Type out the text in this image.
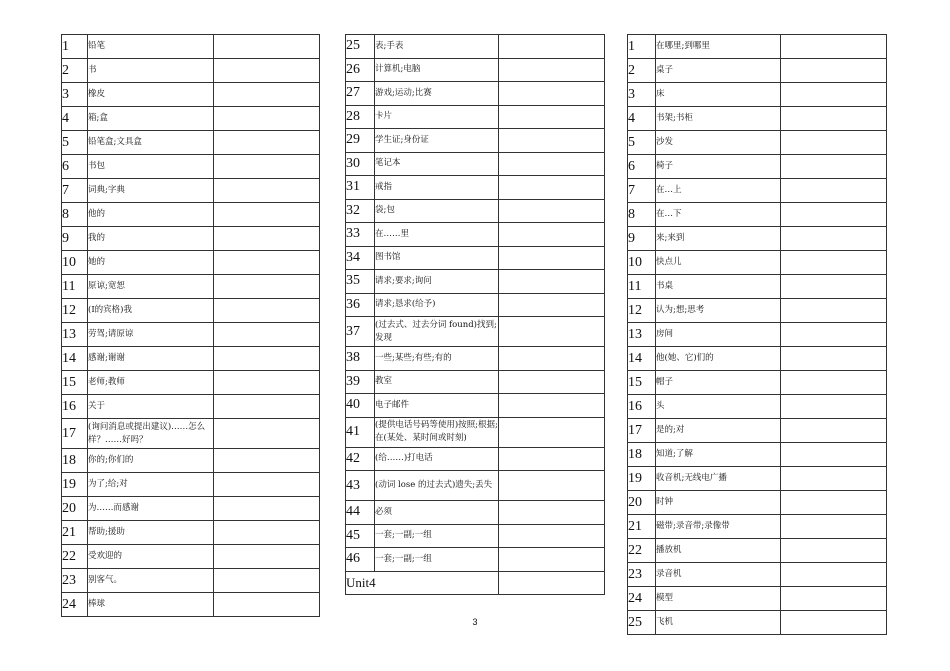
1	铅笔	
2	书	
3	橡皮	
4	箱;盒	
5	铅笔盒;文具盒	
6	书包	
7	词典;字典	
8	他的	
9	我的	
10	她的	
11	原谅;宽恕	
12	(I的宾格)我	
13	劳驾;请原谅	
14	感谢;谢谢	
15	老师;教师	
16	关于	
17	(询问消息或提出建议)……怎么样？……好吗？	
18	你的;你们的	
19	为了;给;对	
20	为……而感谢	
21	帮助;援助	
22	受欢迎的	
23	别客气。	
24	棒球	
25	表;手表	
26	计算机;电脑	
27	游戏;运动;比赛	
28	卡片	
29	学生证;身份证	
30	笔记本	
31	戒指	
32	袋;包	
33	在……里	
34	图书馆	
35	请求;要求;询问	
36	请求;恳求(给予)	
37	(过去式、过去分词 found)找到;发现	
38	一些;某些;有些;有的	
39	教室	
40	电子邮件	
41	(提供电话号码等使用)按照;根据;在(某处、某时间或时刻)	
42	(给……)打电话	
43	(动词 lose 的过去式)遗失;丢失	
44	必须	
45	一套;一副;一组	
46	一套;一副;一组	
Unit4		
1	在哪里;到哪里	
2	桌子	
3	床	
4	书架;书柜	
5	沙发	
6	椅子	
7	在…上	
8	在…下	
9	来;来到	
10	快点儿	
11	书桌	
12	认为;想;思考	
13	房间	
14	他(她、它)们的	
15	帽子	
16	头	
17	是的;对	
18	知道;了解	
19	收音机;无线电广播	
20	时钟	
21	磁带;录音带;录像带	
22	播放机	
23	录音机	
24	模型	
25	飞机	
3
